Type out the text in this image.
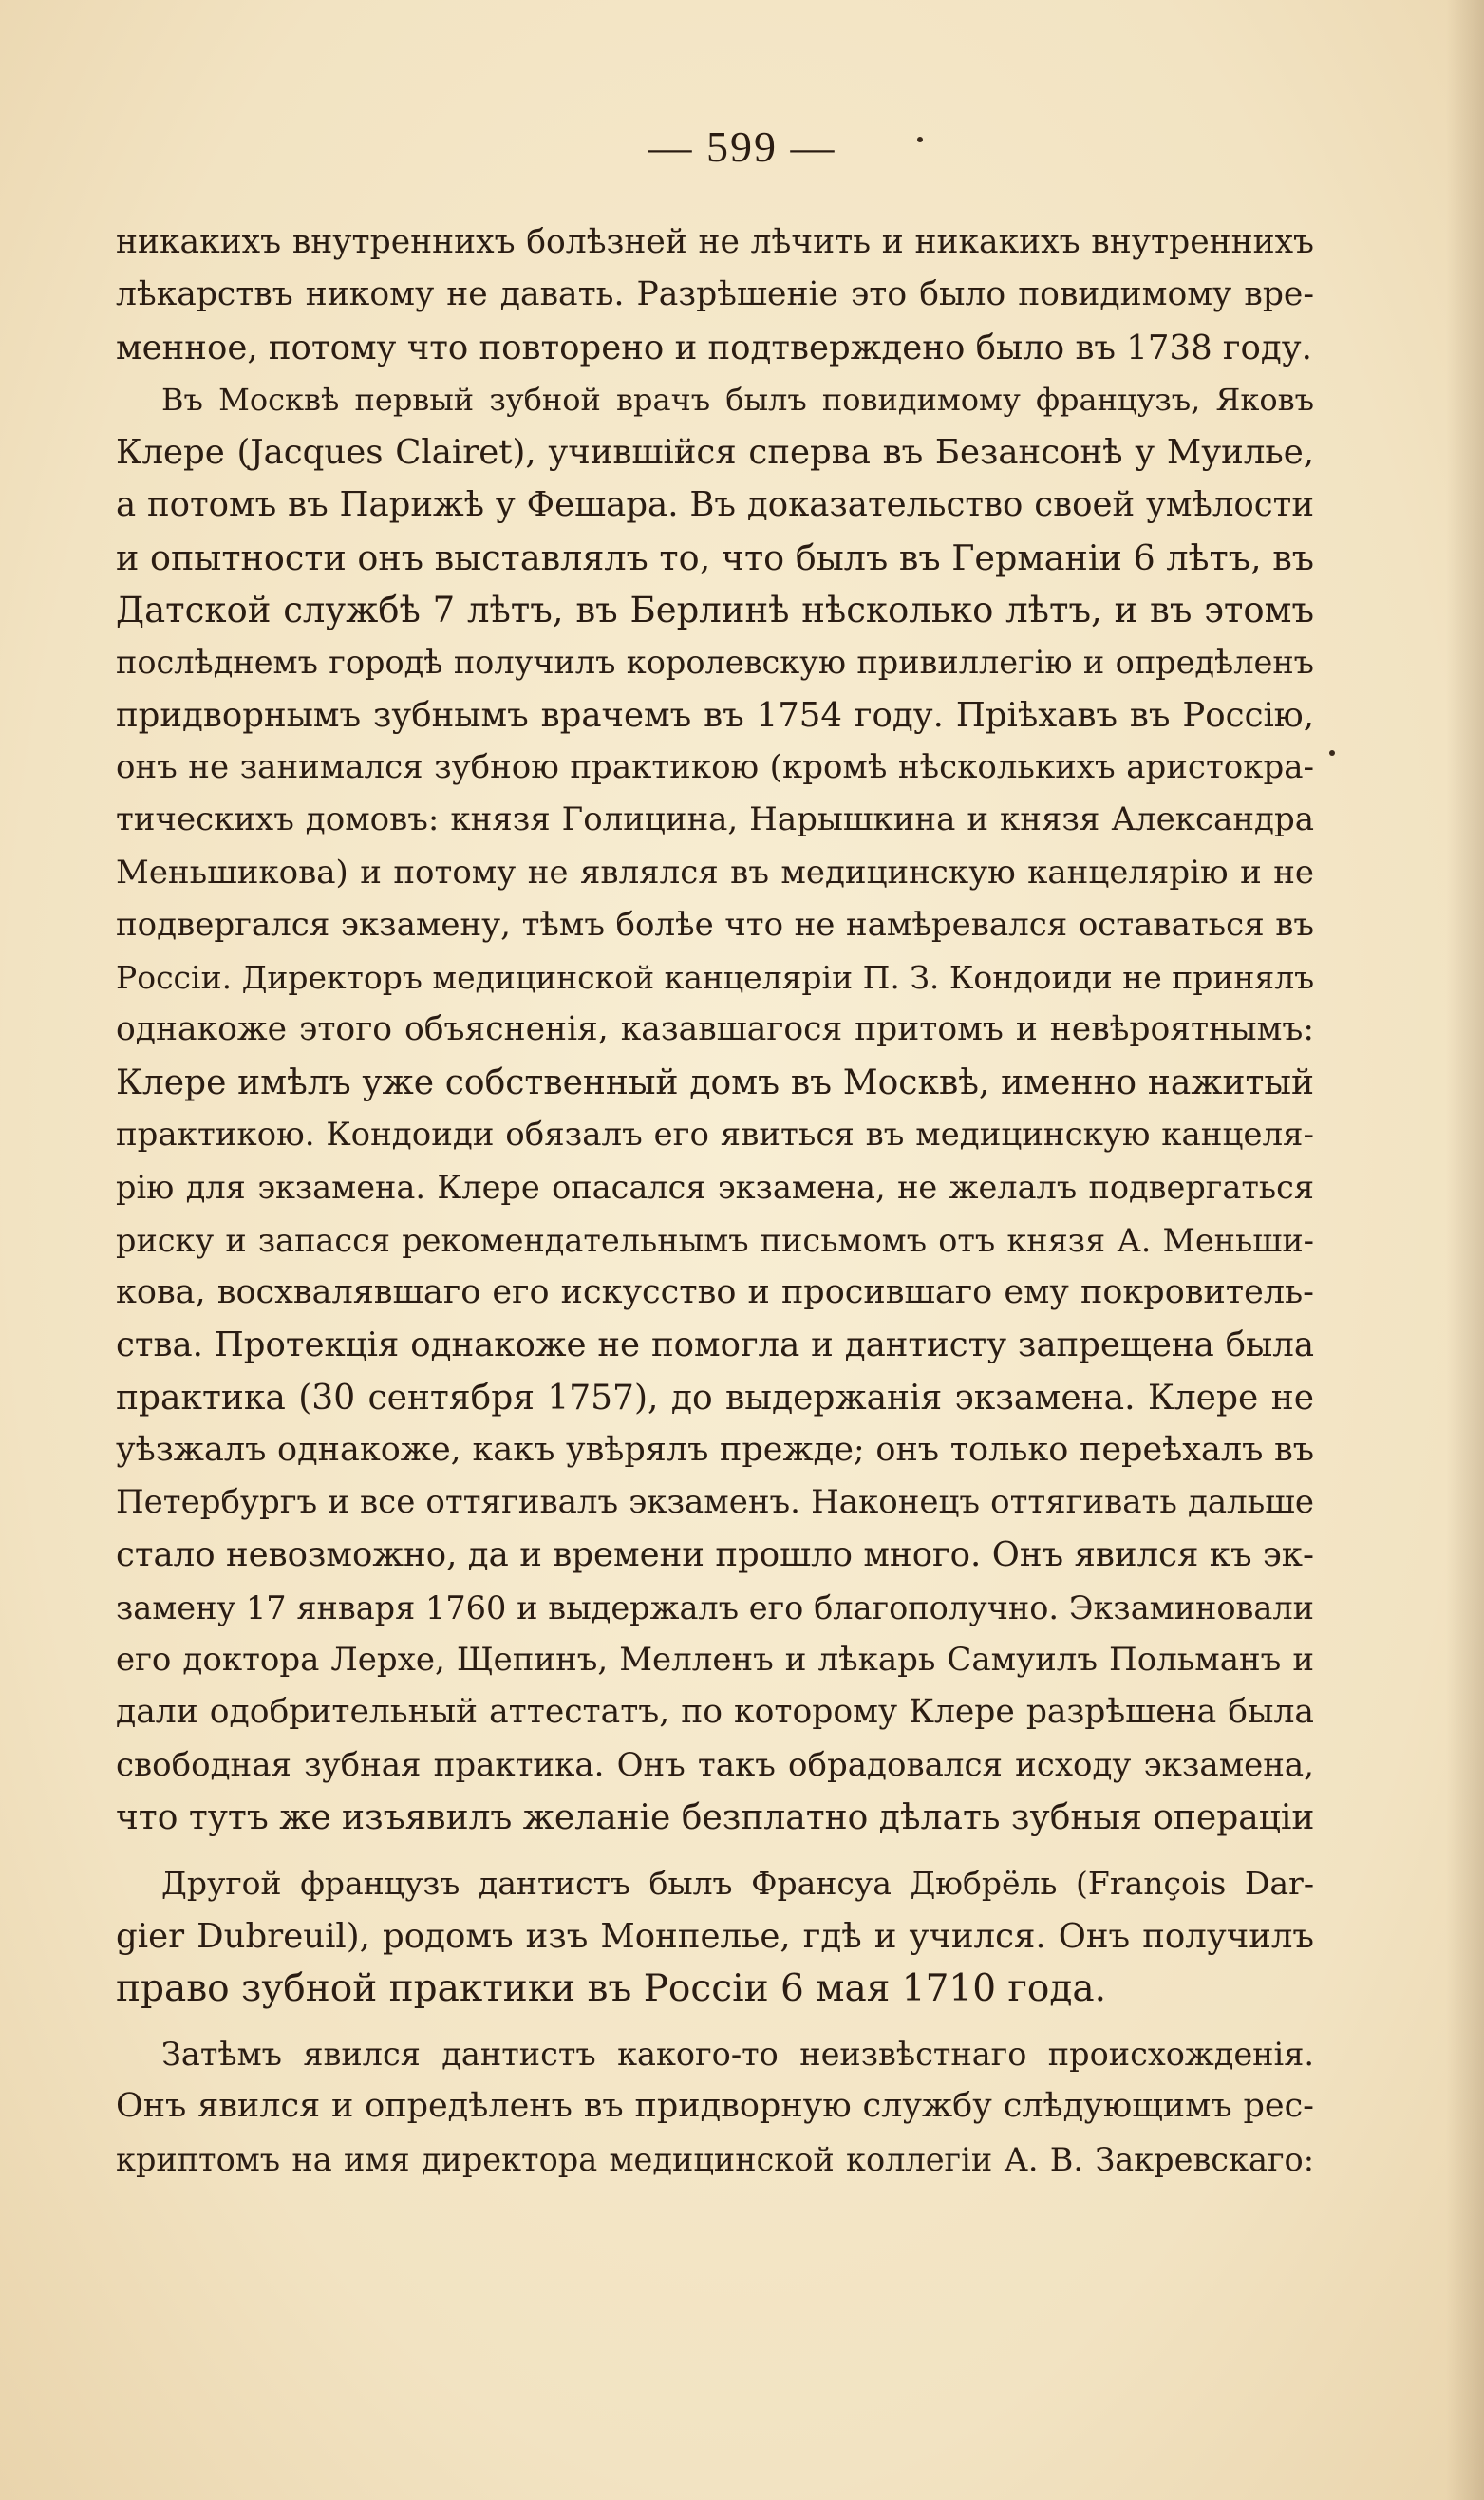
— 599 —
никакихъ внутреннихъ болѣзней не лѣчить и никакихъ внутреннихъ
лѣкарствъ никому не давать. Разрѣшеніе это было повидимому вре-
менное, потому что повторено и подтверждено было въ 1738 году.
Въ Москвѣ первый зубной врачъ былъ повидимому французъ, Яковъ
Клере (Jacques Clairet), учившійся сперва въ Безансонѣ у Муилье,
а потомъ въ Парижѣ у Фешара. Въ доказательство своей умѣлости
и опытности онъ выставлялъ то, что былъ въ Германіи 6 лѣтъ, въ
Датской службѣ 7 лѣтъ, въ Берлинѣ нѣсколько лѣтъ, и въ этомъ
послѣднемъ городѣ получилъ королевскую привиллегію и опредѣленъ
придворнымъ зубнымъ врачемъ въ 1754 году. Пріѣхавъ въ Россію,
онъ не занимался зубною практикою (кромѣ нѣсколькихъ аристокра-
тическихъ домовъ: князя Голицина, Нарышкина и князя Александра
Меньшикова) и потому не являлся въ медицинскую канцелярію и не
подвергался экзамену, тѣмъ болѣе что не намѣревался оставаться въ
Россіи. Директоръ медицинской канцеляріи П. З. Кондоиди не принялъ
однакоже этого объясненія, казавшагося притомъ и невѣроятнымъ:
Клере имѣлъ уже собственный домъ въ Москвѣ, именно нажитый
практикою. Кондоиди обязалъ его явиться въ медицинскую канцеля-
рію для экзамена. Клере опасался экзамена, не желалъ подвергаться
риску и запасся рекомендательнымъ письмомъ отъ князя А. Меньши-
кова, восхвалявшаго его искусство и просившаго ему покровитель-
ства. Протекція однакоже не помогла и дантисту запрещена была
практика (30 сентября 1757), до выдержанія экзамена. Клере не
уѣзжалъ однакоже, какъ увѣрялъ прежде; онъ только переѣхалъ въ
Петербургъ и все оттягивалъ экзаменъ. Наконецъ оттягивать дальше
стало невозможно, да и времени прошло много. Онъ явился къ эк-
замену 17 января 1760 и выдержалъ его благополучно. Экзаминовали
его доктора Лерхе, Щепинъ, Мелленъ и лѣкарь Самуилъ Польманъ и
дали одобрительный аттестатъ, по которому Клере разрѣшена была
свободная зубная практика. Онъ такъ обрадовался исходу экзамена,
что тутъ же изъявилъ желаніе безплатно дѣлать зубныя операціи
Другой французъ дантистъ былъ Франсуа Дюбрёль (François Dar-
gier Dubreuil), родомъ изъ Монпелье, гдѣ и учился. Онъ получилъ
право зубной практики въ Россіи 6 мая 1710 года.
Затѣмъ явился дантистъ какого-то неизвѣстнаго происхожденія.
Онъ явился и опредѣленъ въ придворную службу слѣдующимъ рес-
криптомъ на имя директора медицинской коллегіи А. В. Закревскаго:
